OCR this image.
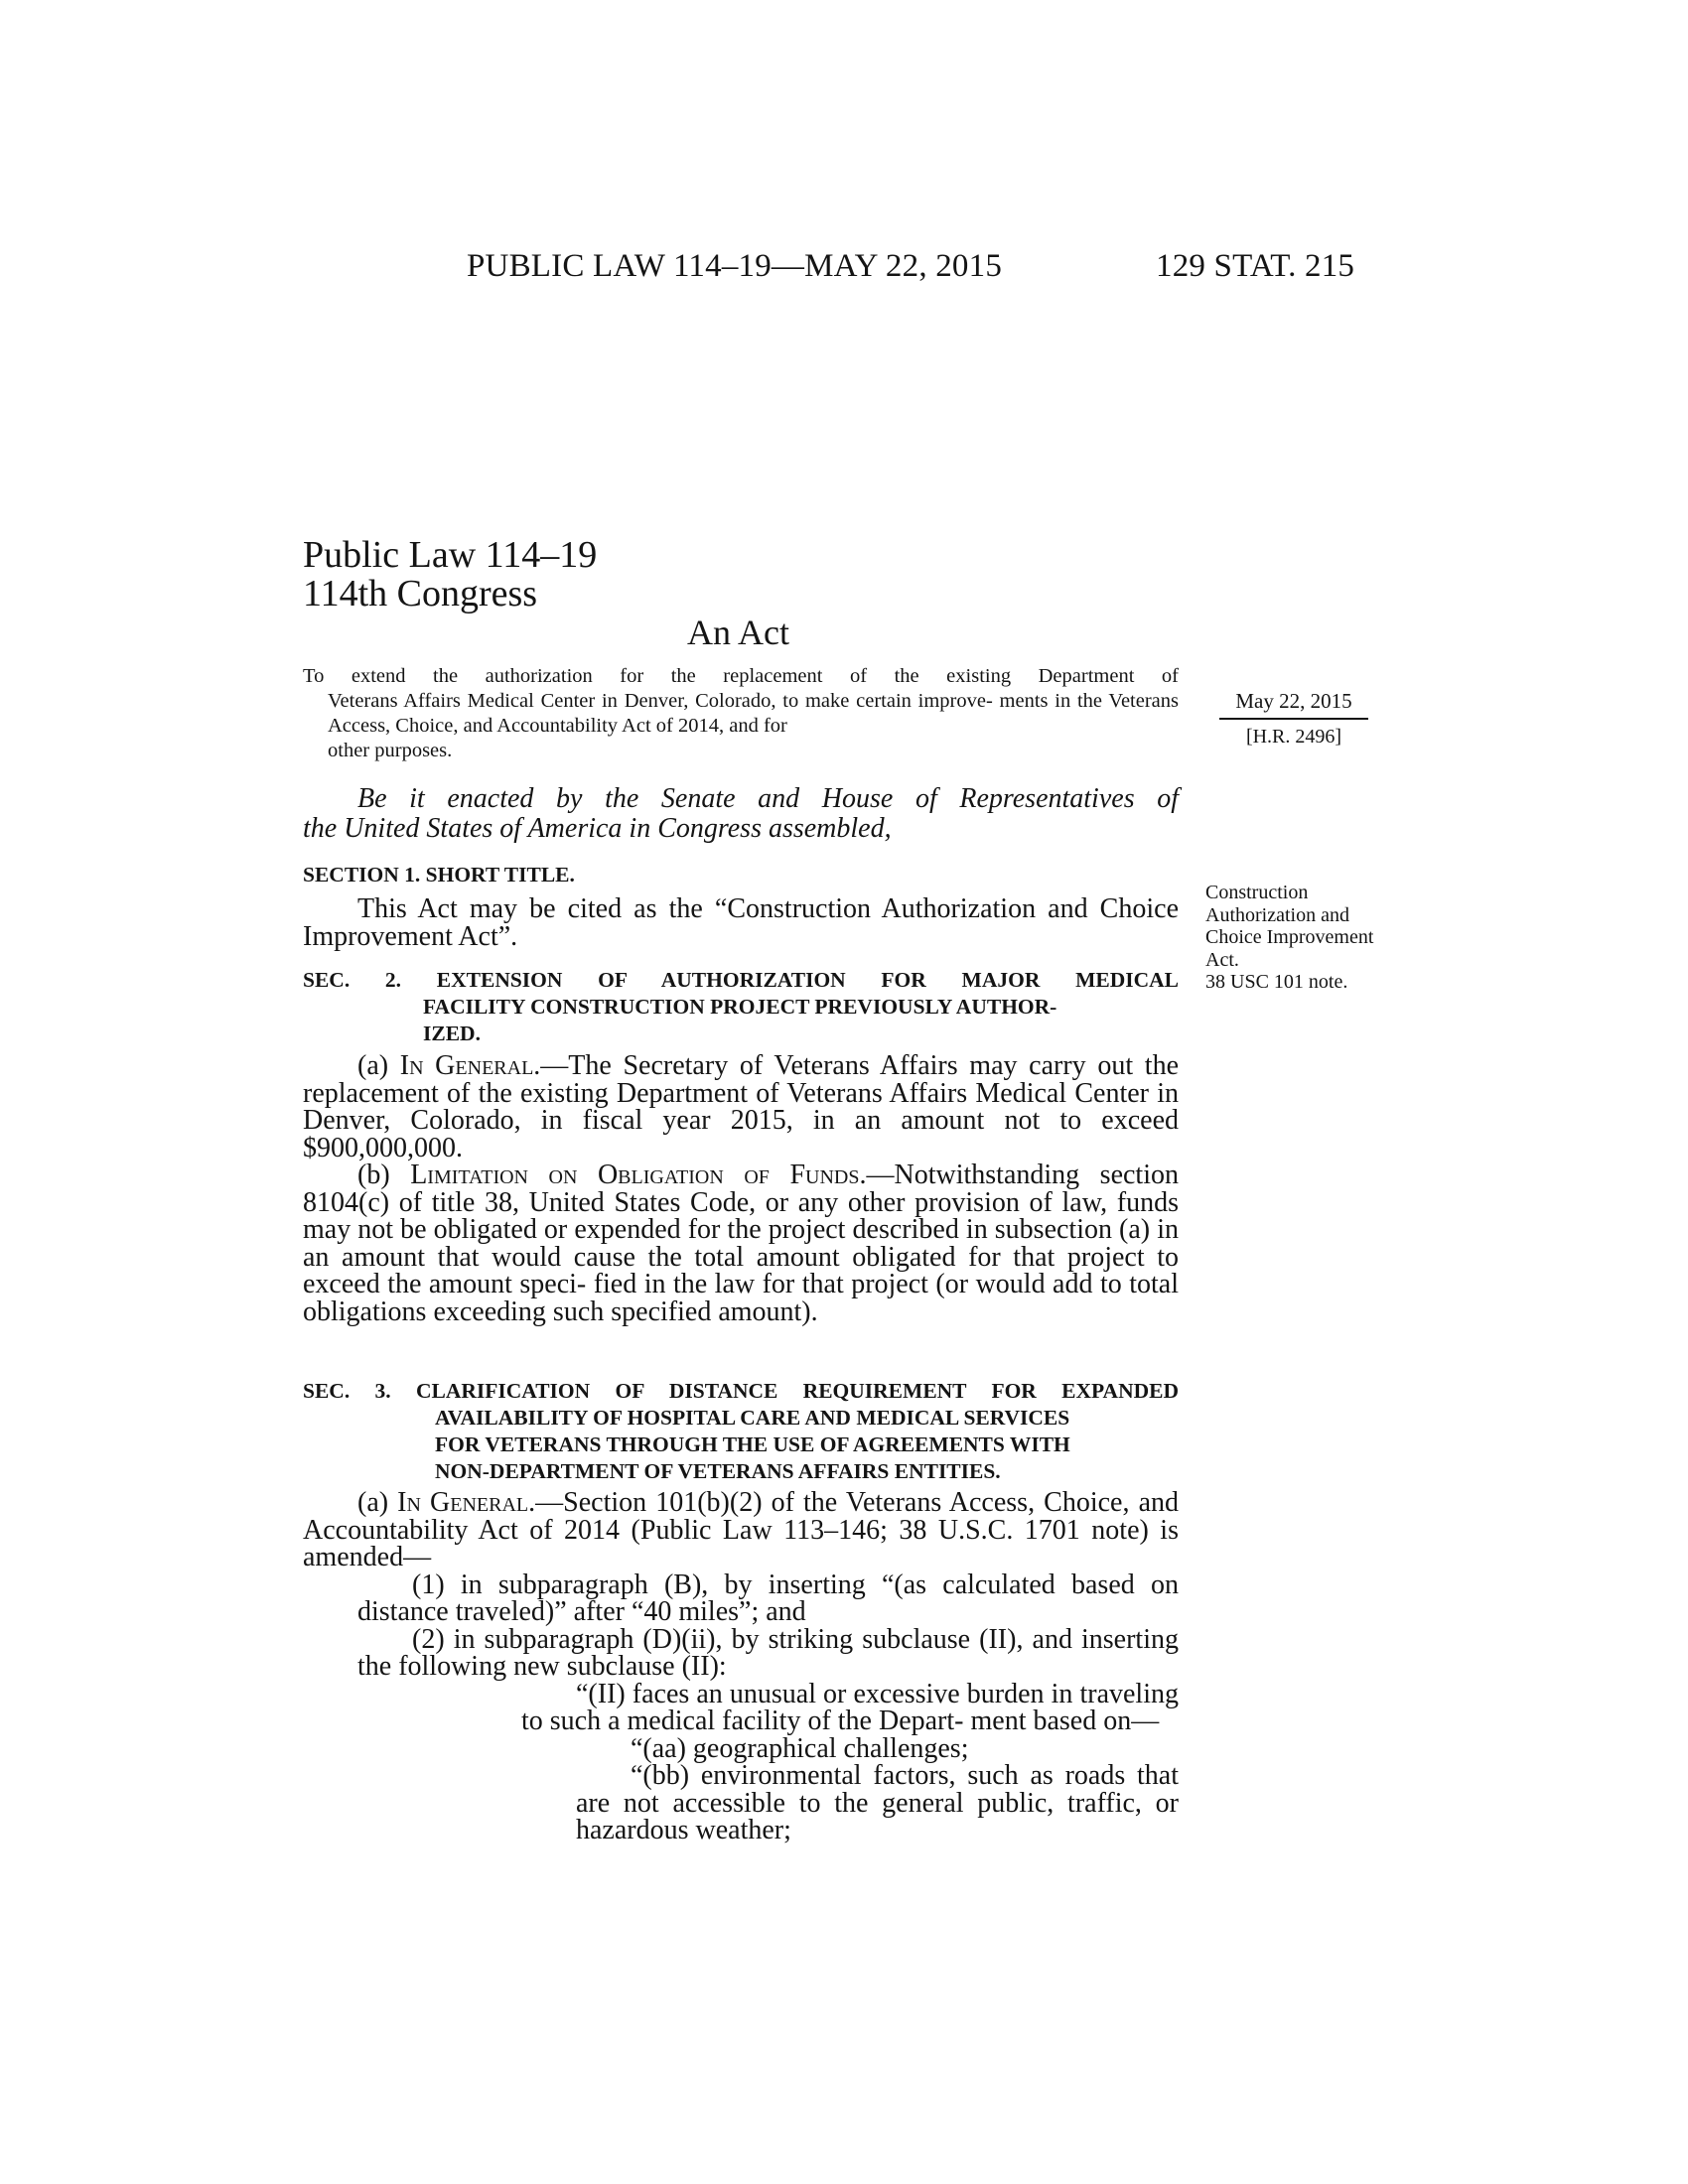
PUBLIC LAW 114–19—MAY 22, 2015	129 STAT. 215
Public Law 114–19
114th Congress
An Act
To extend the authorization for the replacement of the existing Department of
Veterans Affairs Medical Center in Denver, Colorado, to make certain improve- ments in the Veterans Access, Choice, and Accountability Act of 2014, and for
other purposes.
May 22, 2015
[H.R. 2496]
Be it enacted by the Senate and House of Representatives of
the United States of America in Congress assembled,
Construction Authorization and Choice Improvement Act.
38 USC 101 note.
SECTION 1. SHORT TITLE.
This Act may be cited as the “Construction Authorization and Choice Improvement Act”.
SEC. 2. EXTENSION OF AUTHORIZATION FOR MAJOR MEDICAL
FACILITY CONSTRUCTION PROJECT PREVIOUSLY AUTHOR-
IZED.
(a) In General.—The Secretary of Veterans Affairs may carry out the replacement of the existing Department of Veterans Affairs Medical Center in Denver, Colorado, in fiscal year 2015, in an amount not to exceed $900,000,000.
(b) Limitation on Obligation of Funds.—Notwithstanding section 8104(c) of title 38, United States Code, or any other provision of law, funds may not be obligated or expended for the project described in subsection (a) in an amount that would cause the total amount obligated for that project to exceed the amount speci- fied in the law for that project (or would add to total obligations exceeding such specified amount).
SEC. 3. CLARIFICATION OF DISTANCE REQUIREMENT FOR EXPANDED
AVAILABILITY OF HOSPITAL CARE AND MEDICAL SERVICES
FOR VETERANS THROUGH THE USE OF AGREEMENTS WITH
NON-DEPARTMENT OF VETERANS AFFAIRS ENTITIES.
(a) In General.—Section 101(b)(2) of the Veterans Access, Choice, and Accountability Act of 2014 (Public Law 113–146; 38 U.S.C. 1701 note) is amended—
(1) in subparagraph (B), by inserting “(as calculated based on distance traveled)” after “40 miles”; and
(2) in subparagraph (D)(ii), by striking subclause (II), and inserting the following new subclause (II):
“(II) faces an unusual or excessive burden in traveling to such a medical facility of the Depart- ment based on—
“(aa) geographical challenges;
“(bb) environmental factors, such as roads that are not accessible to the general public, traffic, or hazardous weather;
